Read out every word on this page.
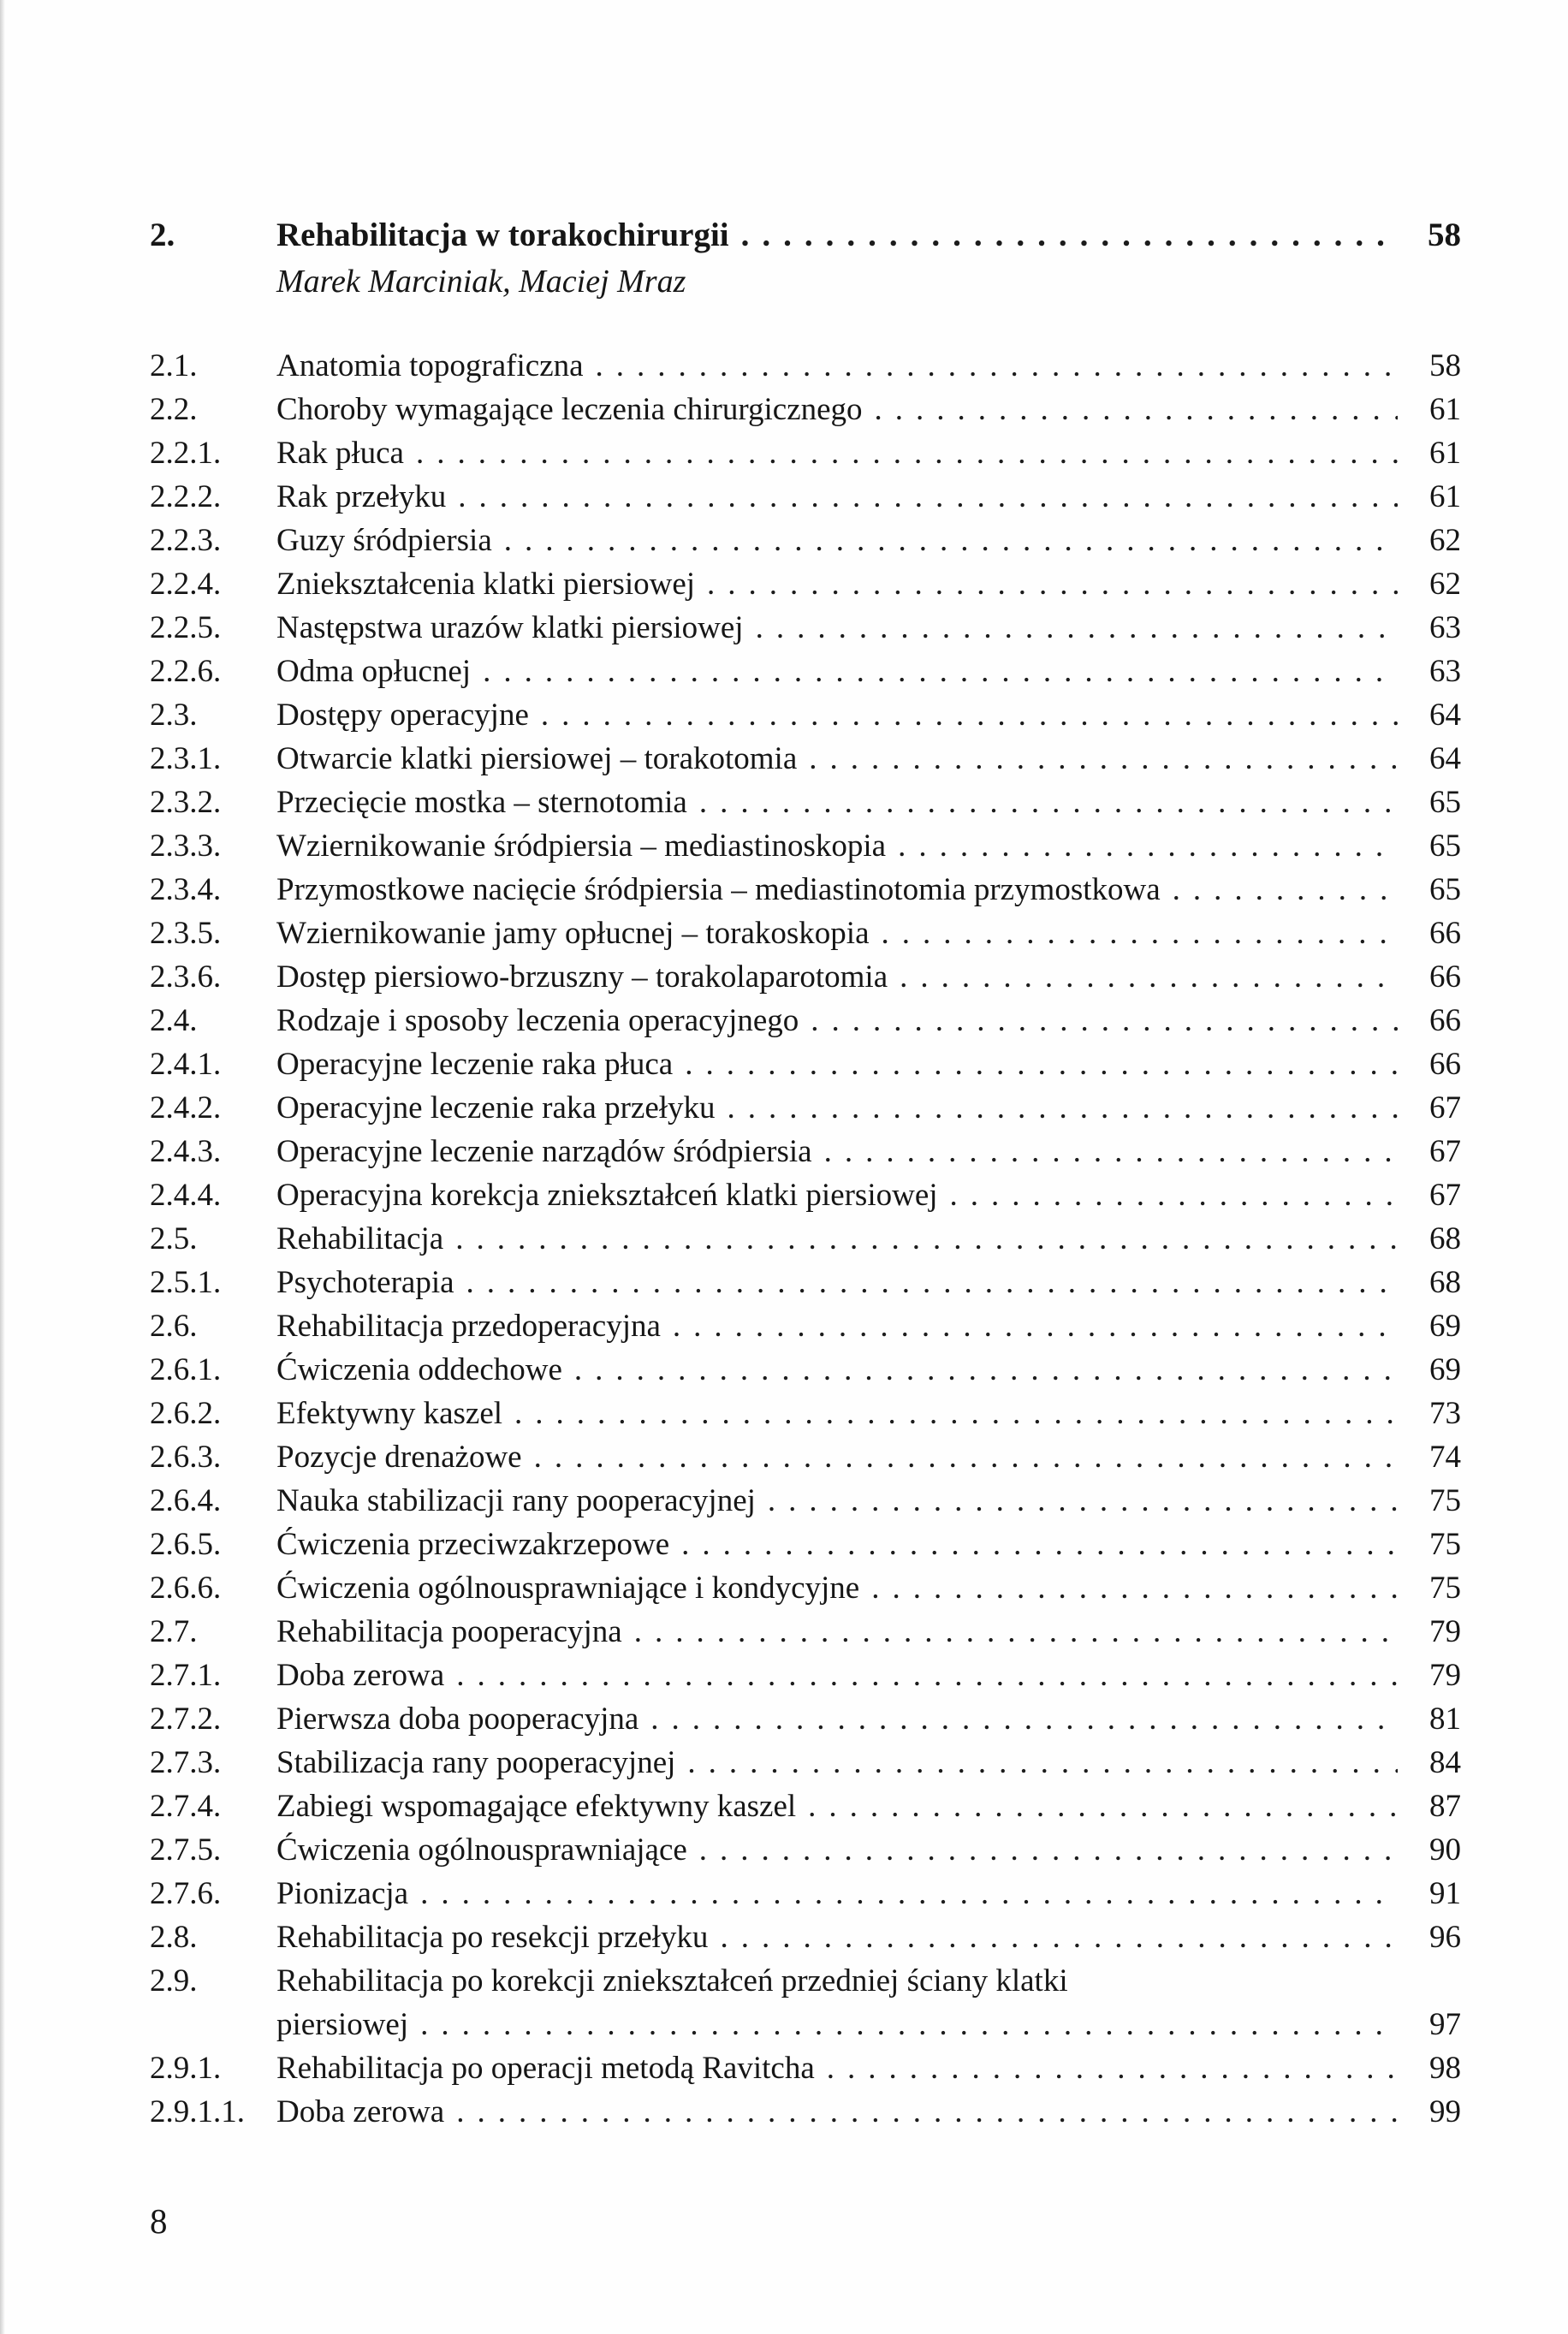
2.	Rehabilitacja w torakochirurgii .....	58
Marek Marciniak, Maciej Mraz
2.1.	Anatomia topograficzna .....	58
2.2.	Choroby wymagające leczenia chirurgicznego .....	61
2.2.1.	Rak płuca .....	61
2.2.2.	Rak przełyku .....	61
2.2.3.	Guzy śródpiersia .....	62
2.2.4.	Zniekształcenia klatki piersiowej .....	62
2.2.5.	Następstwa urazów klatki piersiowej .....	63
2.2.6.	Odma opłucnej .....	63
2.3.	Dostępy operacyjne .....	64
2.3.1.	Otwarcie klatki piersiowej – torakotomia .....	64
2.3.2.	Przecięcie mostka – sternotomia .....	65
2.3.3.	Wziernikowanie śródpiersia – mediastinoskopia .....	65
2.3.4.	Przymostkowe nacięcie śródpiersia – mediastinotomia przymostkowa .....	65
2.3.5.	Wziernikowanie jamy opłucnej – torakoskopia .....	66
2.3.6.	Dostęp piersiowo-brzuszny – torakolaparotomia .....	66
2.4.	Rodzaje i sposoby leczenia operacyjnego .....	66
2.4.1.	Operacyjne leczenie raka płuca .....	66
2.4.2.	Operacyjne leczenie raka przełyku .....	67
2.4.3.	Operacyjne leczenie narządów śródpiersia .....	67
2.4.4.	Operacyjna korekcja zniekształceń klatki piersiowej .....	67
2.5.	Rehabilitacja .....	68
2.5.1.	Psychoterapia .....	68
2.6.	Rehabilitacja przedoperacyjna .....	69
2.6.1.	Ćwiczenia oddechowe .....	69
2.6.2.	Efektywny kaszel .....	73
2.6.3.	Pozycje drenażowe .....	74
2.6.4.	Nauka stabilizacji rany pooperacyjnej .....	75
2.6.5.	Ćwiczenia przeciwzakrzepowe .....	75
2.6.6.	Ćwiczenia ogólnousprawniające i kondycyjne .....	75
2.7.	Rehabilitacja pooperacyjna .....	79
2.7.1.	Doba zerowa .....	79
2.7.2.	Pierwsza doba pooperacyjna .....	81
2.7.3.	Stabilizacja rany pooperacyjnej .....	84
2.7.4.	Zabiegi wspomagające efektywny kaszel .....	87
2.7.5.	Ćwiczenia ogólnousprawniające .....	90
2.7.6.	Pionizacja .....	91
2.8.	Rehabilitacja po resekcji przełyku .....	96
2.9.	Rehabilitacja po korekcji zniekształceń przedniej ściany klatki
piersiowej .....	97
2.9.1.	Rehabilitacja po operacji metodą Ravitcha .....	98
2.9.1.1.	Doba zerowa .....	99
8
